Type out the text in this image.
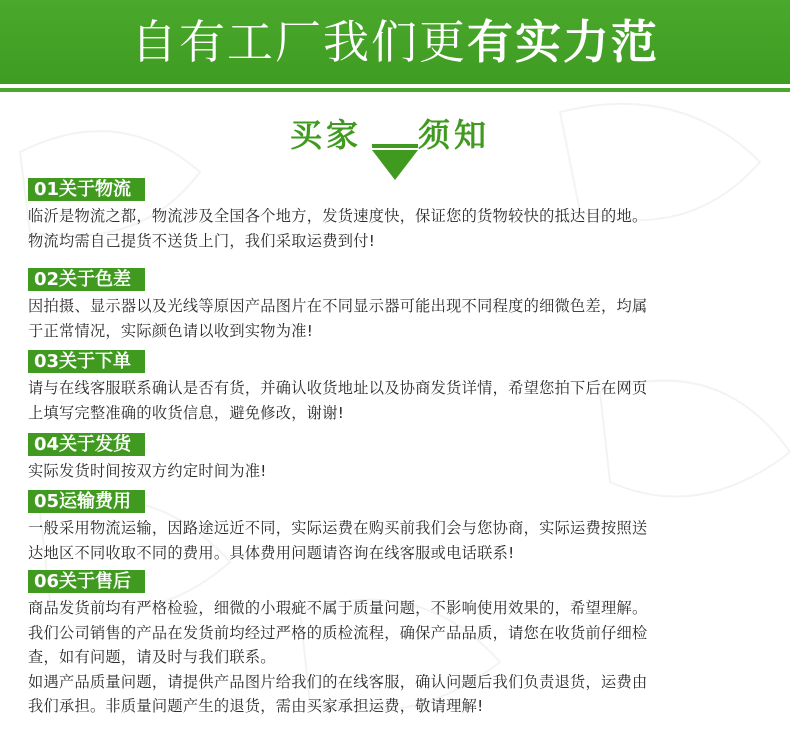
自有工厂我们更有实力范
买家 须知
01关于物流
临沂是物流之都，物流涉及全国各个地方，发货速度快，保证您的货物较快的抵达目的地。
物流均需自己提货不送货上门，我们采取运费到付!
02关于色差
因拍摄、显示器以及光线等原因产品图片在不同显示器可能出现不同程度的细微色差，均属
于正常情况，实际颜色请以收到实物为准!
03关于下单
请与在线客服联系确认是否有货，并确认收货地址以及协商发货详情，希望您拍下后在网页
上填写完整准确的收货信息，避免修改，谢谢!
04关于发货
实际发货时间按双方约定时间为准!
05运输费用
一般采用物流运输，因路途远近不同，实际运费在购买前我们会与您协商，实际运费按照送
达地区不同收取不同的费用。具体费用问题请咨询在线客服或电话联系!
06关于售后
商品发货前均有严格检验，细微的小瑕疵不属于质量问题，不影响使用效果的，希望理解。
我们公司销售的产品在发货前均经过严格的质检流程，确保产品品质，请您在收货前仔细检
查，如有问题，请及时与我们联系。
如遇产品质量问题，请提供产品图片给我们的在线客服，确认问题后我们负责退货，运费由
我们承担。非质量问题产生的退货，需由买家承担运费，敬请理解!
